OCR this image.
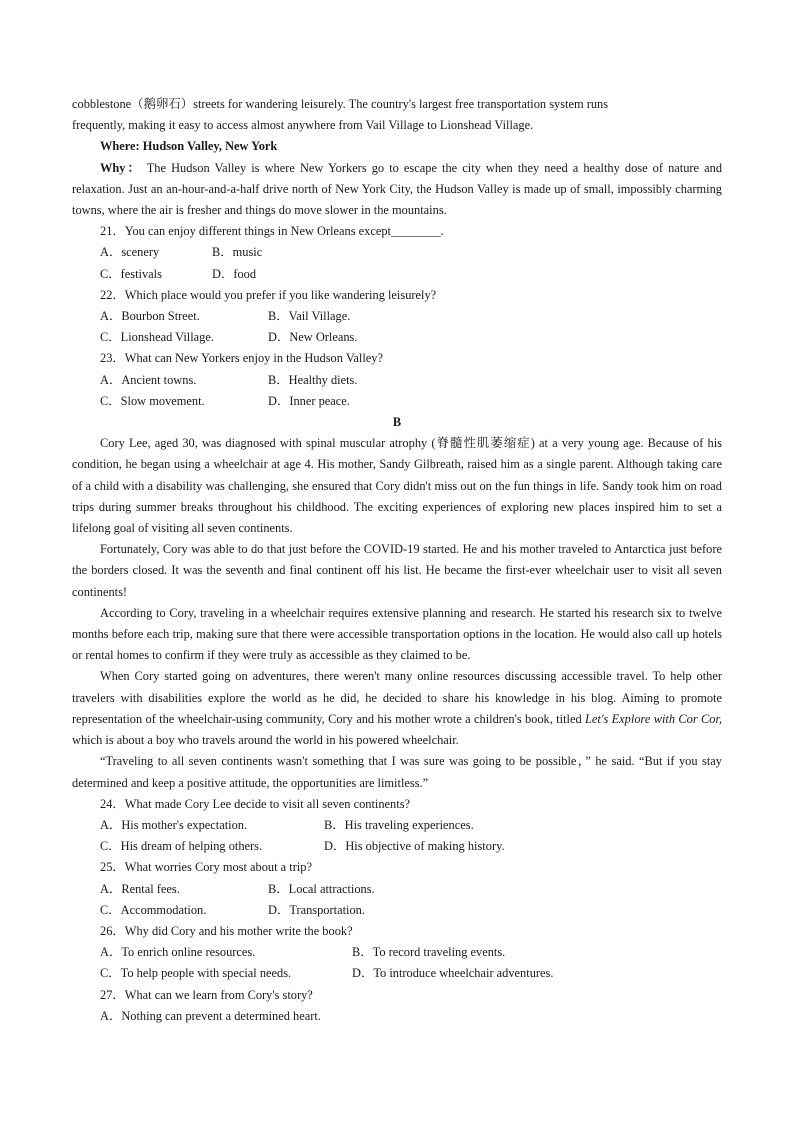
cobblestone（鹅卵石）streets for wandering leisurely. The country's largest free transportation system runs
frequently, making it easy to access almost anywhere from Vail Village to Lionshead Village.

Where: Hudson Valley, New York

Why： The Hudson Valley is where New Yorkers go to escape the city when they need a healthy dose of nature and relaxation. Just an an-hour-and-a-half drive north of New York City, the Hudson Valley is made up of small, impossibly charming towns, where the air is fresher and things do move slower in the mountains.

21．You can enjoy different things in New Orleans except________.

A．scenery	B．music
C．festivals	D．food

22．Which place would you prefer if you like wandering leisurely?

A．Bourbon Street.	B．Vail Village.
C．Lionshead Village.	D．New Orleans.

23．What can New Yorkers enjoy in the Hudson Valley?

A．Ancient towns.	B．Healthy diets.
C．Slow movement.	D．Inner peace.

B

Cory Lee, aged 30, was diagnosed with spinal muscular atrophy (脊髓性肌萎缩症) at a very young age. Because of his condition, he began using a wheelchair at age 4. His mother, Sandy Gilbreath, raised him as a single parent. Although taking care of a child with a disability was challenging, she ensured that Cory didn't miss out on the fun things in life. Sandy took him on road trips during summer breaks throughout his childhood. The exciting experiences of exploring new places inspired him to set a lifelong goal of visiting all seven continents.

Fortunately, Cory was able to do that just before the COVID-19 started. He and his mother traveled to Antarctica just before the borders closed. It was the seventh and final continent off his list. He became the first-ever wheelchair user to visit all seven continents!

According to Cory, traveling in a wheelchair requires extensive planning and research. He started his research six to twelve months before each trip, making sure that there were accessible transportation options in the location. He would also call up hotels or rental homes to confirm if they were truly as accessible as they claimed to be.

When Cory started going on adventures, there weren't many online resources discussing accessible travel. To help other travelers with disabilities explore the world as he did, he decided to share his knowledge in his blog. Aiming to promote representation of the wheelchair-using community, Cory and his mother wrote a children's book, titled Let's Explore with Cor Cor, which is about a boy who travels around the world in his powered wheelchair.

“Traveling to all seven continents wasn't something that I was sure was going to be possible，” he said. “But if you stay determined and keep a positive attitude, the opportunities are limitless.”

24．What made Cory Lee decide to visit all seven continents?

A．His mother's expectation.	B．His traveling experiences.
C．His dream of helping others.	D．His objective of making history.

25．What worries Cory most about a trip?

A．Rental fees.	B．Local attractions.
C．Accommodation.	D．Transportation.

26．Why did Cory and his mother write the book?

A．To enrich online resources.	B．To record traveling events.
C．To help people with special needs.	D．To introduce wheelchair adventures.

27．What can we learn from Cory's story?

A．Nothing can prevent a determined heart.
